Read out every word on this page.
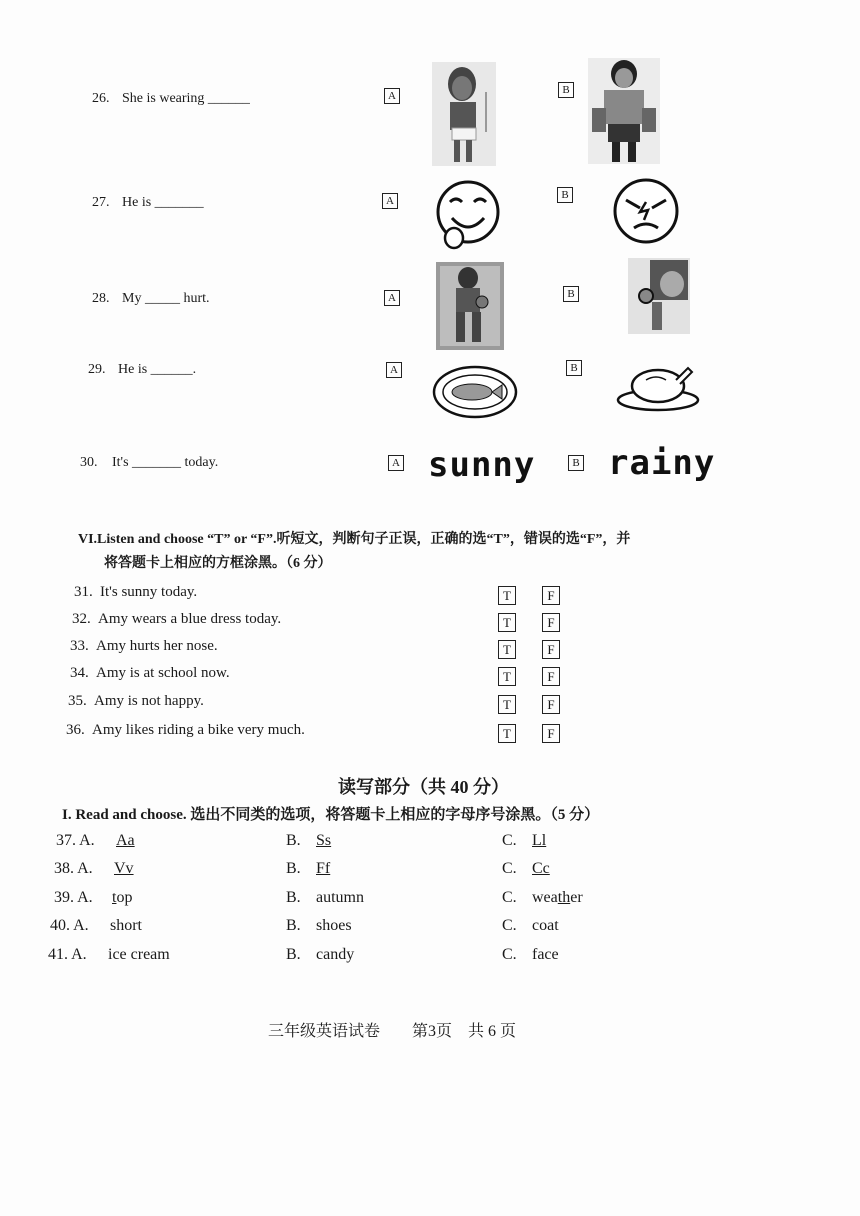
26. She is wearing ______	A	B
27. He is _______	A	B
28. My _____ hurt.	A	B
29. He is ______.	A	B
30. It's _______ today.	A sunny	B rainy
VI.Listen and choose “T” or “F”.听短文，判断句子正误，正确的选“T”，错误的选“F”，并
将答题卡上相应的方框涂黑。（6 分）
31. It's sunny today.	T	F
32. Amy wears a blue dress today.	T	F
33. Amy hurts her nose.	T	F
34. Amy is at school now.	T	F
35. Amy is not happy.	T	F
36. Amy likes riding a bike very much.	T	F
读写部分（共 40 分）
I. Read and choose. 选出不同类的选项，将答题卡上相应的字母序号涂黑。（5 分）
37. A. Aa	B. Ss	C. Ll
38. A. Vv	B. Ff	C. Cc
39. A. top	B. autumn	C. weather
40. A. short	B. shoes	C. coat
41. A. ice cream	B. candy	C. face
三年级英语试卷　　第3页　共 6 页
